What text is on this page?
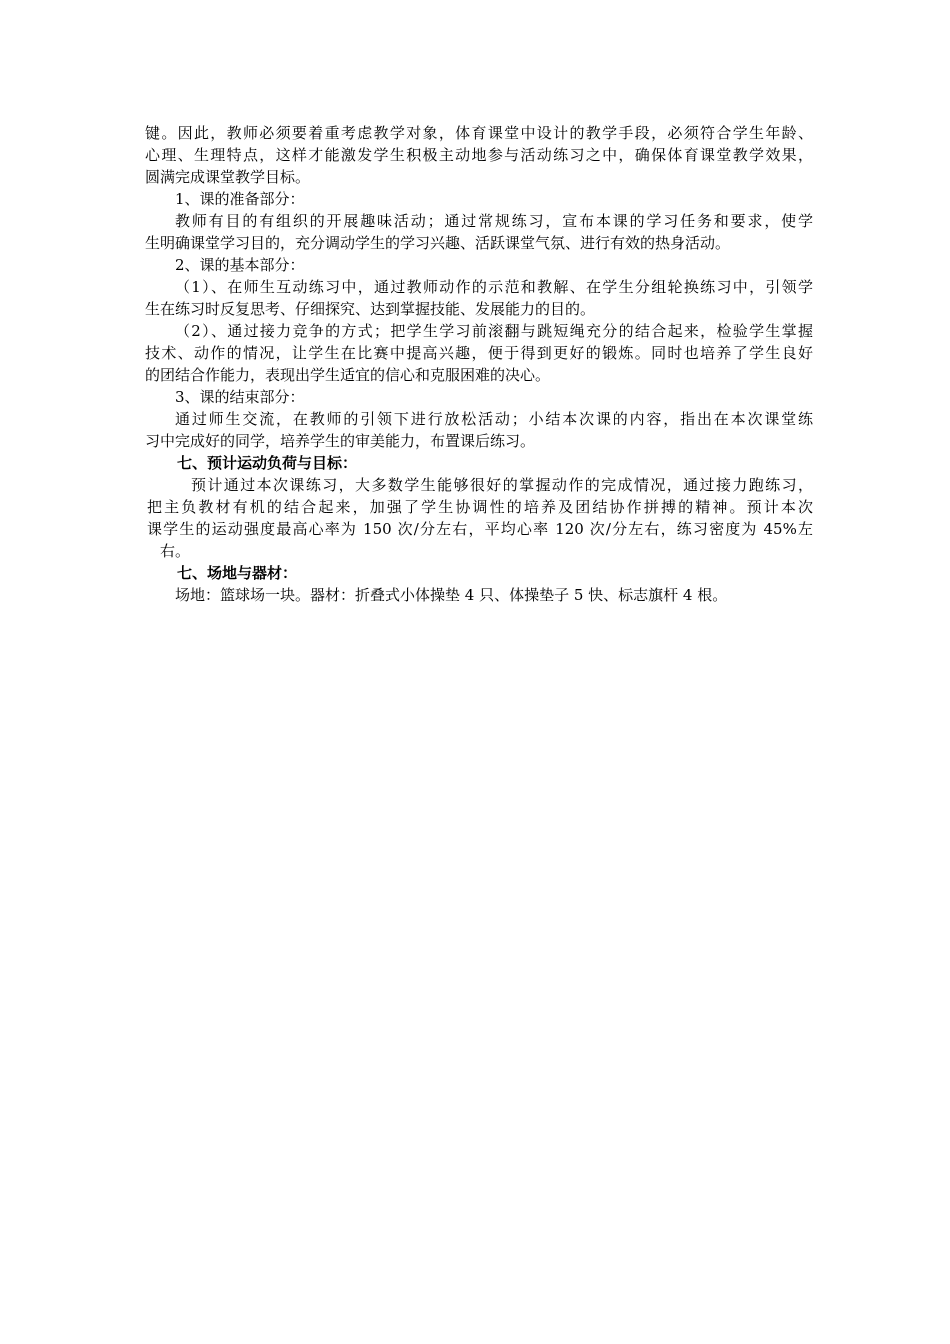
键。因此，教师必须要着重考虑教学对象，体育课堂中设计的教学手段，必须符合学生年龄、
心理、生理特点，这样才能激发学生积极主动地参与活动练习之中，确保体育课堂教学效果，
圆满完成课堂教学目标。
1、课的准备部分：
教师有目的有组织的开展趣味活动；通过常规练习，宣布本课的学习任务和要求，使学
生明确课堂学习目的，充分调动学生的学习兴趣、活跃课堂气氛、进行有效的热身活动。
2、课的基本部分：
（1）、在师生互动练习中，通过教师动作的示范和教解、在学生分组轮换练习中，引领学
生在练习时反复思考、仔细探究、达到掌握技能、发展能力的目的。
（2）、通过接力竞争的方式；把学生学习前滚翻与跳短绳充分的结合起来，检验学生掌握
技术、动作的情况，让学生在比赛中提高兴趣，便于得到更好的锻炼。同时也培养了学生良好
的团结合作能力，表现出学生适宜的信心和克服困难的决心。
3、课的结束部分：
通过师生交流，在教师的引领下进行放松活动；小结本次课的内容，指出在本次课堂练
习中完成好的同学，培养学生的审美能力，布置课后练习。
七、预计运动负荷与目标：
预计通过本次课练习，大多数学生能够很好的掌握动作的完成情况，通过接力跑练习，
把主负教材有机的结合起来，加强了学生协调性的培养及团结协作拼搏的精神。预计本次
课学生的运动强度最高心率为 150 次/分左右，平均心率 120 次/分左右，练习密度为 45%左
右。
七、场地与器材：
场地：篮球场一块。器材：折叠式小体操垫 4 只、体操垫子 5 快、标志旗杆 4 根。
